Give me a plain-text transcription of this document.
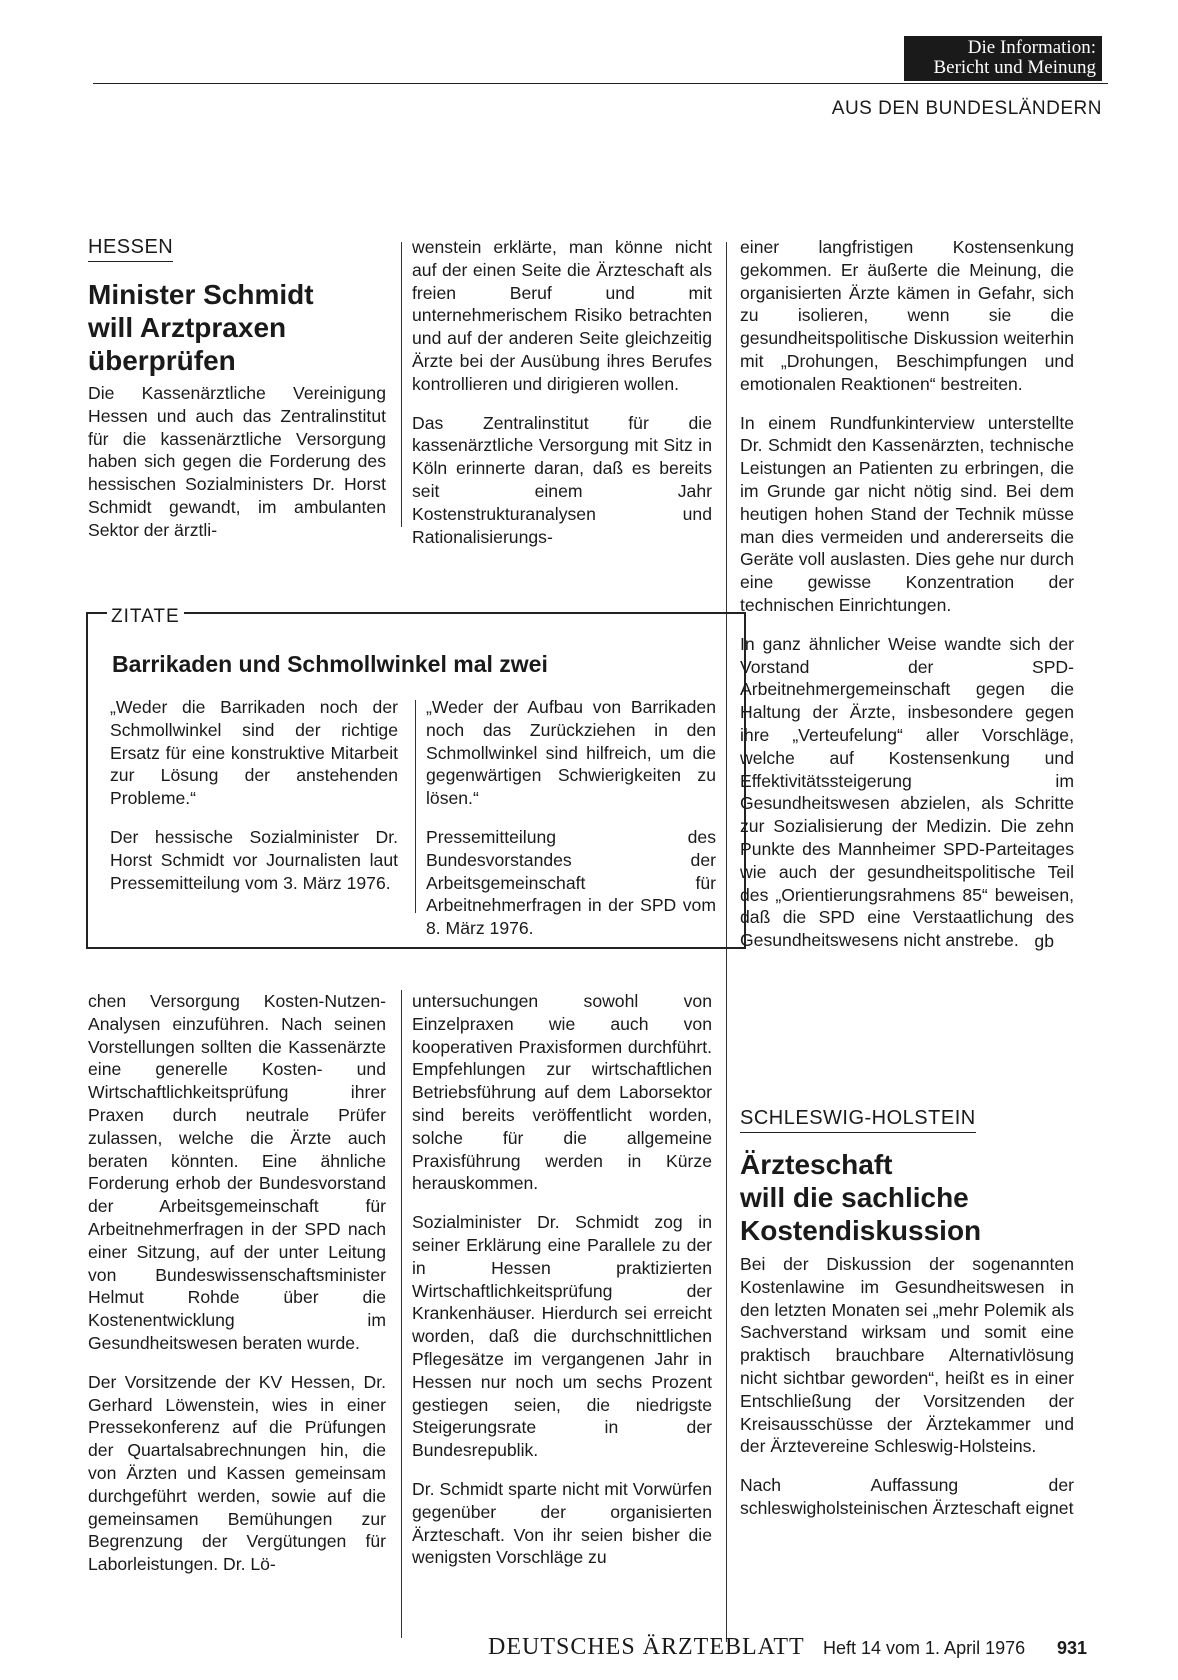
Die Information:
Bericht und Meinung
AUS DEN BUNDESLÄNDERN
HESSEN
Minister Schmidt
will Arztpraxen
überprüfen

Die Kassenärztliche Vereinigung Hessen und auch das Zentralinstitut für die kassenärztliche Versorgung haben sich gegen die Forderung des hessischen Sozialministers Dr. Horst Schmidt gewandt, im ambulanten Sektor der ärztli-

wenstein erklärte, man könne nicht auf der einen Seite die Ärzteschaft als freien Beruf und mit unternehmerischem Risiko betrachten und auf der anderen Seite gleichzeitig Ärzte bei der Ausübung ihres Berufes kontrollieren und dirigieren wollen.

Das Zentralinstitut für die kassenärztliche Versorgung mit Sitz in Köln erinnerte daran, daß es bereits seit einem Jahr Kostenstrukturanalysen und Rationalisierungs-

ZITATE
Barrikaden und Schmollwinkel mal zwei

„Weder die Barrikaden noch der Schmollwinkel sind der richtige Ersatz für eine konstruktive Mitarbeit zur Lösung der anstehenden Probleme.“

Der hessische Sozialminister Dr. Horst Schmidt vor Journalisten laut Pressemitteilung vom 3. März 1976.

„Weder der Aufbau von Barrikaden noch das Zurückziehen in den Schmollwinkel sind hilfreich, um die gegenwärtigen Schwierigkeiten zu lösen.“

Pressemitteilung des Bundesvorstandes der Arbeitsgemeinschaft für Arbeitnehmerfragen in der SPD vom 8. März 1976.

chen Versorgung Kosten-Nutzen-Analysen einzuführen. Nach seinen Vorstellungen sollten die Kassenärzte eine generelle Kosten- und Wirtschaftlichkeitsprüfung ihrer Praxen durch neutrale Prüfer zulassen, welche die Ärzte auch beraten könnten. Eine ähnliche Forderung erhob der Bundesvorstand der Arbeitsgemeinschaft für Arbeitnehmerfragen in der SPD nach einer Sitzung, auf der unter Leitung von Bundeswissenschaftsminister Helmut Rohde über die Kostenentwicklung im Gesundheitswesen beraten wurde.

Der Vorsitzende der KV Hessen, Dr. Gerhard Löwenstein, wies in einer Pressekonferenz auf die Prüfungen der Quartalsabrechnungen hin, die von Ärzten und Kassen gemeinsam durchgeführt werden, sowie auf die gemeinsamen Bemühungen zur Begrenzung der Vergütungen für Laborleistungen. Dr. Lö-

untersuchungen sowohl von Einzelpraxen wie auch von kooperativen Praxisformen durchführt. Empfehlungen zur wirtschaftlichen Betriebsführung auf dem Laborsektor sind bereits veröffentlicht worden, solche für die allgemeine Praxisführung werden in Kürze herauskommen.

Sozialminister Dr. Schmidt zog in seiner Erklärung eine Parallele zu der in Hessen praktizierten Wirtschaftlichkeitsprüfung der Krankenhäuser. Hierdurch sei erreicht worden, daß die durchschnittlichen Pflegesätze im vergangenen Jahr in Hessen nur noch um sechs Prozent gestiegen seien, die niedrigste Steigerungsrate in der Bundesrepublik.

Dr. Schmidt sparte nicht mit Vorwürfen gegenüber der organisierten Ärzteschaft. Von ihr seien bisher die wenigsten Vorschläge zu

einer langfristigen Kostensenkung gekommen. Er äußerte die Meinung, die organisierten Ärzte kämen in Gefahr, sich zu isolieren, wenn sie die gesundheitspolitische Diskussion weiterhin mit „Drohungen, Beschimpfungen und emotionalen Reaktionen“ bestreiten.

In einem Rundfunkinterview unterstellte Dr. Schmidt den Kassenärzten, technische Leistungen an Patienten zu erbringen, die im Grunde gar nicht nötig sind. Bei dem heutigen hohen Stand der Technik müsse man dies vermeiden und andererseits die Geräte voll auslasten. Dies gehe nur durch eine gewisse Konzentration der technischen Einrichtungen.

In ganz ähnlicher Weise wandte sich der Vorstand der SPD-Arbeitnehmergemeinschaft gegen die Haltung der Ärzte, insbesondere gegen ihre „Verteufelung“ aller Vorschläge, welche auf Kostensenkung und Effektivitätssteigerung im Gesundheitswesen abzielen, als Schritte zur Sozialisierung der Medizin. Die zehn Punkte des Mannheimer SPD-Parteitages wie auch der gesundheitspolitische Teil des „Orientierungsrahmens 85“ beweisen, daß die SPD eine Verstaatlichung des Gesundheitswesens nicht anstrebe. gb
SCHLESWIG-HOLSTEIN
Ärzteschaft
will die sachliche
Kostendiskussion

Bei der Diskussion der sogenannten Kostenlawine im Gesundheitswesen in den letzten Monaten sei „mehr Polemik als Sachverstand wirksam und somit eine praktisch brauchbare Alternativlösung nicht sichtbar geworden“, heißt es in einer Entschließung der Vorsitzenden der Kreisausschüsse der Ärztekammer und der Ärztevereine Schleswig-Holsteins.

Nach Auffassung der schleswigholsteinischen Ärzteschaft eignet

DEUTSCHES ÄRZTEBLATT Heft 14 vom 1. April 1976 931
